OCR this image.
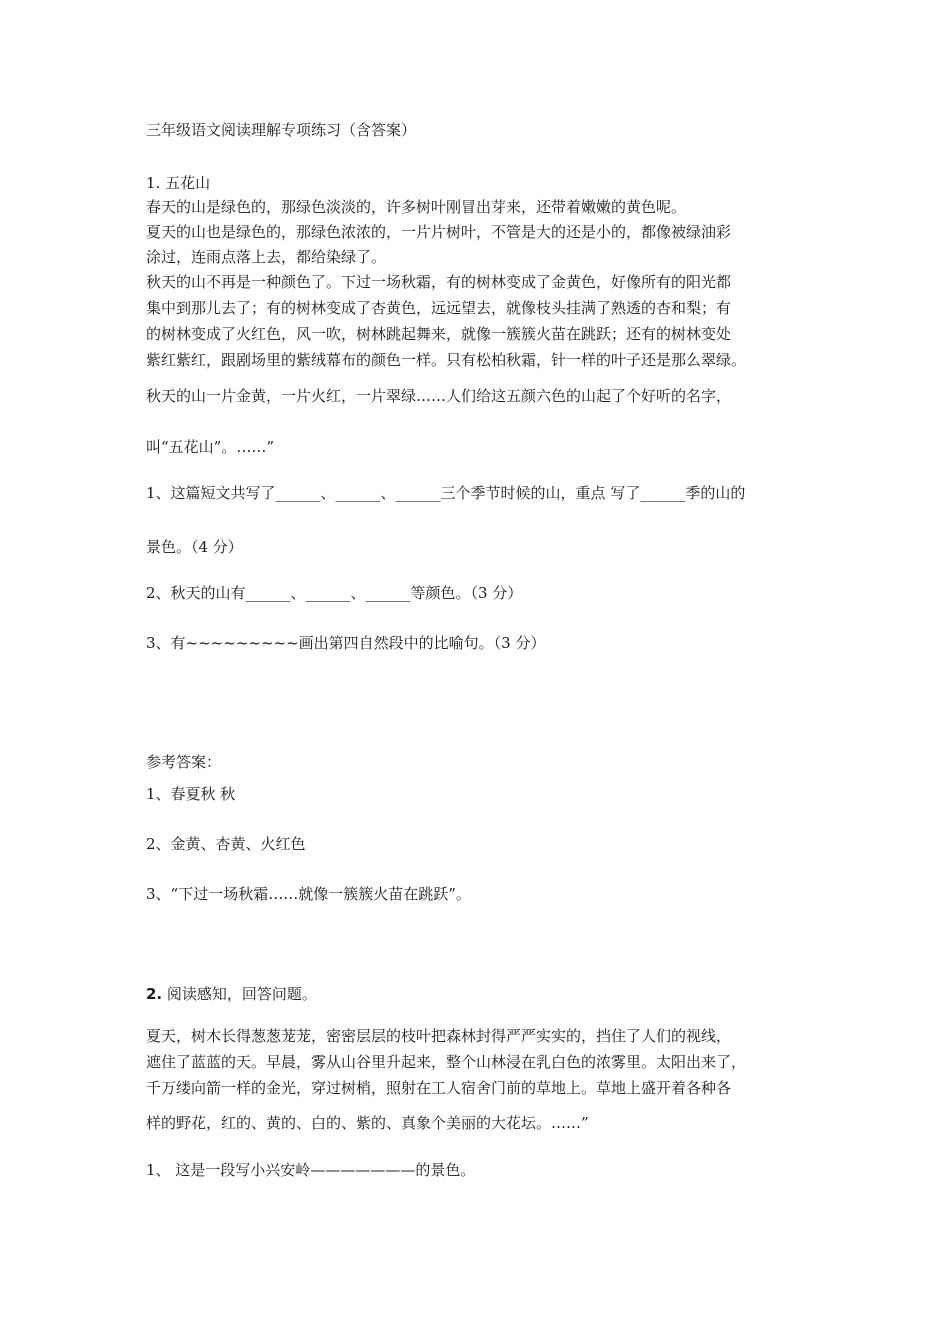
三年级语文阅读理解专项练习（含答案）
1. 五花山
春天的山是绿色的，那绿色淡淡的，许多树叶刚冒出芽来，还带着嫩嫩的黄色呢。
夏天的山也是绿色的，那绿色浓浓的，一片片树叶，不管是大的还是小的，都像被绿油彩
涂过，连雨点落上去，都给染绿了。
秋天的山不再是一种颜色了。下过一场秋霜，有的树林变成了金黄色，好像所有的阳光都
集中到那儿去了；有的树林变成了杏黄色，远远望去，就像枝头挂满了熟透的杏和梨；有
的树林变成了火红色，风一吹，树林跳起舞来，就像一簇簇火苗在跳跃；还有的树林变处
紫红紫红，跟剧场里的紫绒幕布的颜色一样。只有松柏秋霜，针一样的叶子还是那么翠绿。
秋天的山一片金黄，一片火红，一片翠绿……人们给这五颜六色的山起了个好听的名字，
叫“五花山”。……”
1、这篇短文共写了______、______、______三个季节时候的山，重点 写了______季的山的
景色。（4 分）
2、秋天的山有______、______、______等颜色。（3 分）
3、有~~~~~~~~~画出第四自然段中的比喻句。（3 分）
参考答案：
1、春夏秋 秋
2、金黄、杏黄、火红色
3、“下过一场秋霜……就像一簇簇火苗在跳跃”。
2. 阅读感知，回答问题。
夏天，树木长得葱葱茏茏，密密层层的枝叶把森林封得严严实实的，挡住了人们的视线，
遮住了蓝蓝的天。早晨，雾从山谷里升起来，整个山林浸在乳白色的浓雾里。太阳出来了，
千万缕向箭一样的金光，穿过树梢，照射在工人宿舍门前的草地上。草地上盛开着各种各
样的野花，红的、黄的、白的、紫的、真象个美丽的大花坛。……”
1、 这是一段写小兴安岭———————的景色。
